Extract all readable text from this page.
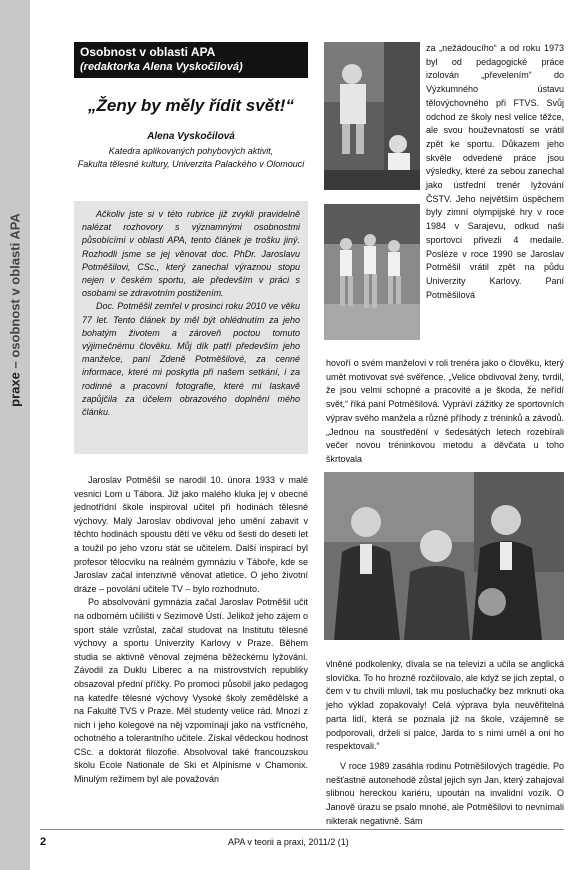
praxe – osobnost v oblasti APA
Osobnost v oblasti APA
(redaktorka Alena Vyskočilová)
„Ženy by měly řídit svět!“
Alena Vyskočilová
Katedra aplikovaných pohybových aktivit,
Fakulta tělesné kultury, Univerzita Palackého v Olomouci

Ačkoliv jste si v této rubrice již zvykli pravidelně nalézat rozhovory s významnými osobnostmi působícími v oblasti APA, tento článek je trošku jiný. Rozhodli jsme se jej věnovat doc. PhDr. Jaroslavu Potměšilovi, CSc., který zanechal výraznou stopu nejen v českém sportu, ale především v práci s osobami se zdravotním postižením.

Doc. Potměšil zemřel v prosinci roku 2010 ve věku 77 let. Tento článek by měl být ohlédnutím za jeho bohatým životem a zároveň poctou tomuto výjimečnému člověku. Můj dík patří především jeho manželce, paní Zdeně Potměšilové, za cenné informace, které mi poskytla při našem setkání, i za rodinné a pracovní fotografie, které mi laskavě zapůjčila za účelem obrazového doplnění mého článku.

Jaroslav Potměšil se narodil 10. února 1933 v malé vesnici Lom u Tábora. Již jako malého kluka jej v obecné jednotřídní škole inspiroval učitel při hodinách tělesné výchovy. Malý Jaroslav obdivoval jeho umění zabavit v těchto hodinách spoustu dětí ve věku od šesti do deseti let a toužil po jeho vzoru stát se učitelem. Další inspirací byl profesor tělocviku na reálném gymnáziu v Táboře, kde se Jaroslav začal intenzivně věnovat atletice. O jeho životní dráze – povolání učitele TV – bylo rozhodnuto.

Po absolvování gymnázia začal Jaroslav Potměšil učit na odborném učilišti v Sezimově Ústí. Jelikož jeho zájem o sport stále vzrůstal, začal studovat na Institutu tělesné výchovy a sportu Univerzity Karlovy v Praze. Během studia se aktivně věnoval zejména běžeckému lyžování. Závodil za Duklu Liberec a na mistrovstvích republiky obsazoval přední příčky. Po promoci působil jako pedagog na katedře tělesné výchovy Vysoké školy zemědělské a na Fakultě TVS v Praze. Měl studenty velice rád. Mnozí z nich i jeho kolegové na něj vzpomínají jako na vstřícného, ochotného a tolerantního učitele. Získal vědeckou hodnost CSc. a doktorát filozofie. Absolvoval také francouzskou školu Ecole Nationale de Ski et Alpinisme v Chamonix. Minulým režimem byl ale považován

za „nežádoucího“ a od roku 1973 byl od pedagogické práce izolován „převelením“ do Výzkumného ústavu tělovýchovného při FTVS. Svůj odchod ze školy nesl velice těžce, ale svou houževnatostí se vrátil zpět ke sportu. Důkazem jeho skvěle odvedené práce jsou výsledky, které za sebou zanechal jako ústřední trenér lyžování ČSTV. Jeho největším úspěchem byly zimní olympijské hry v roce 1984 v Sarajevu, odkud naši sportovci přivezli 4 medaile. Posléze v roce 1990 se Jaroslav Potměšil vrátil zpět na půdu Univerzity Karlovy. Paní Potměšilová
hovoří o svém manželovi v roli trenéra jako o člověku, který umět motivovat své svěřence. „Velice obdivoval ženy, tvrdil, že jsou velmi schopné a pracovité a je škoda, že neřídí svět,“ říká paní Potměšilová. Vypráví zážitky ze sportovních výprav svého manžela a různé příhody z tréninků a závodů. „Jednou na soustředění v šedesátých letech rozebírali večer novou tréninkovou metodu a děvčata u toho škrtovala

vlněné podkolenky, dívala se na televizi a učila se anglická slovíčka. To ho hrozně rozčilovalo, ale když se jich zeptal, o čem v tu chvíli mluvil, tak mu posluchačky bez mrknutí oka jeho výklad zopakovaly! Celá výprava byla neuvěřitelná parta lidí, která se poznala již na škole, vzájemně se podporovali, drželi si palce, Jarda to s nimi uměl a oni ho respektovali.“

V roce 1989 zasáhla rodinu Potměšilových tragédie. Po nešťastné autonehodě zůstal jejich syn Jan, který zahajoval slibnou hereckou kariéru, upoután na invalidní vozík. O Janově úrazu se psalo mnohé, ale Potměšilovi to nevnímali nikterak negativně. Sám

2	APA v teorii a praxi, 2011/2 (1)
